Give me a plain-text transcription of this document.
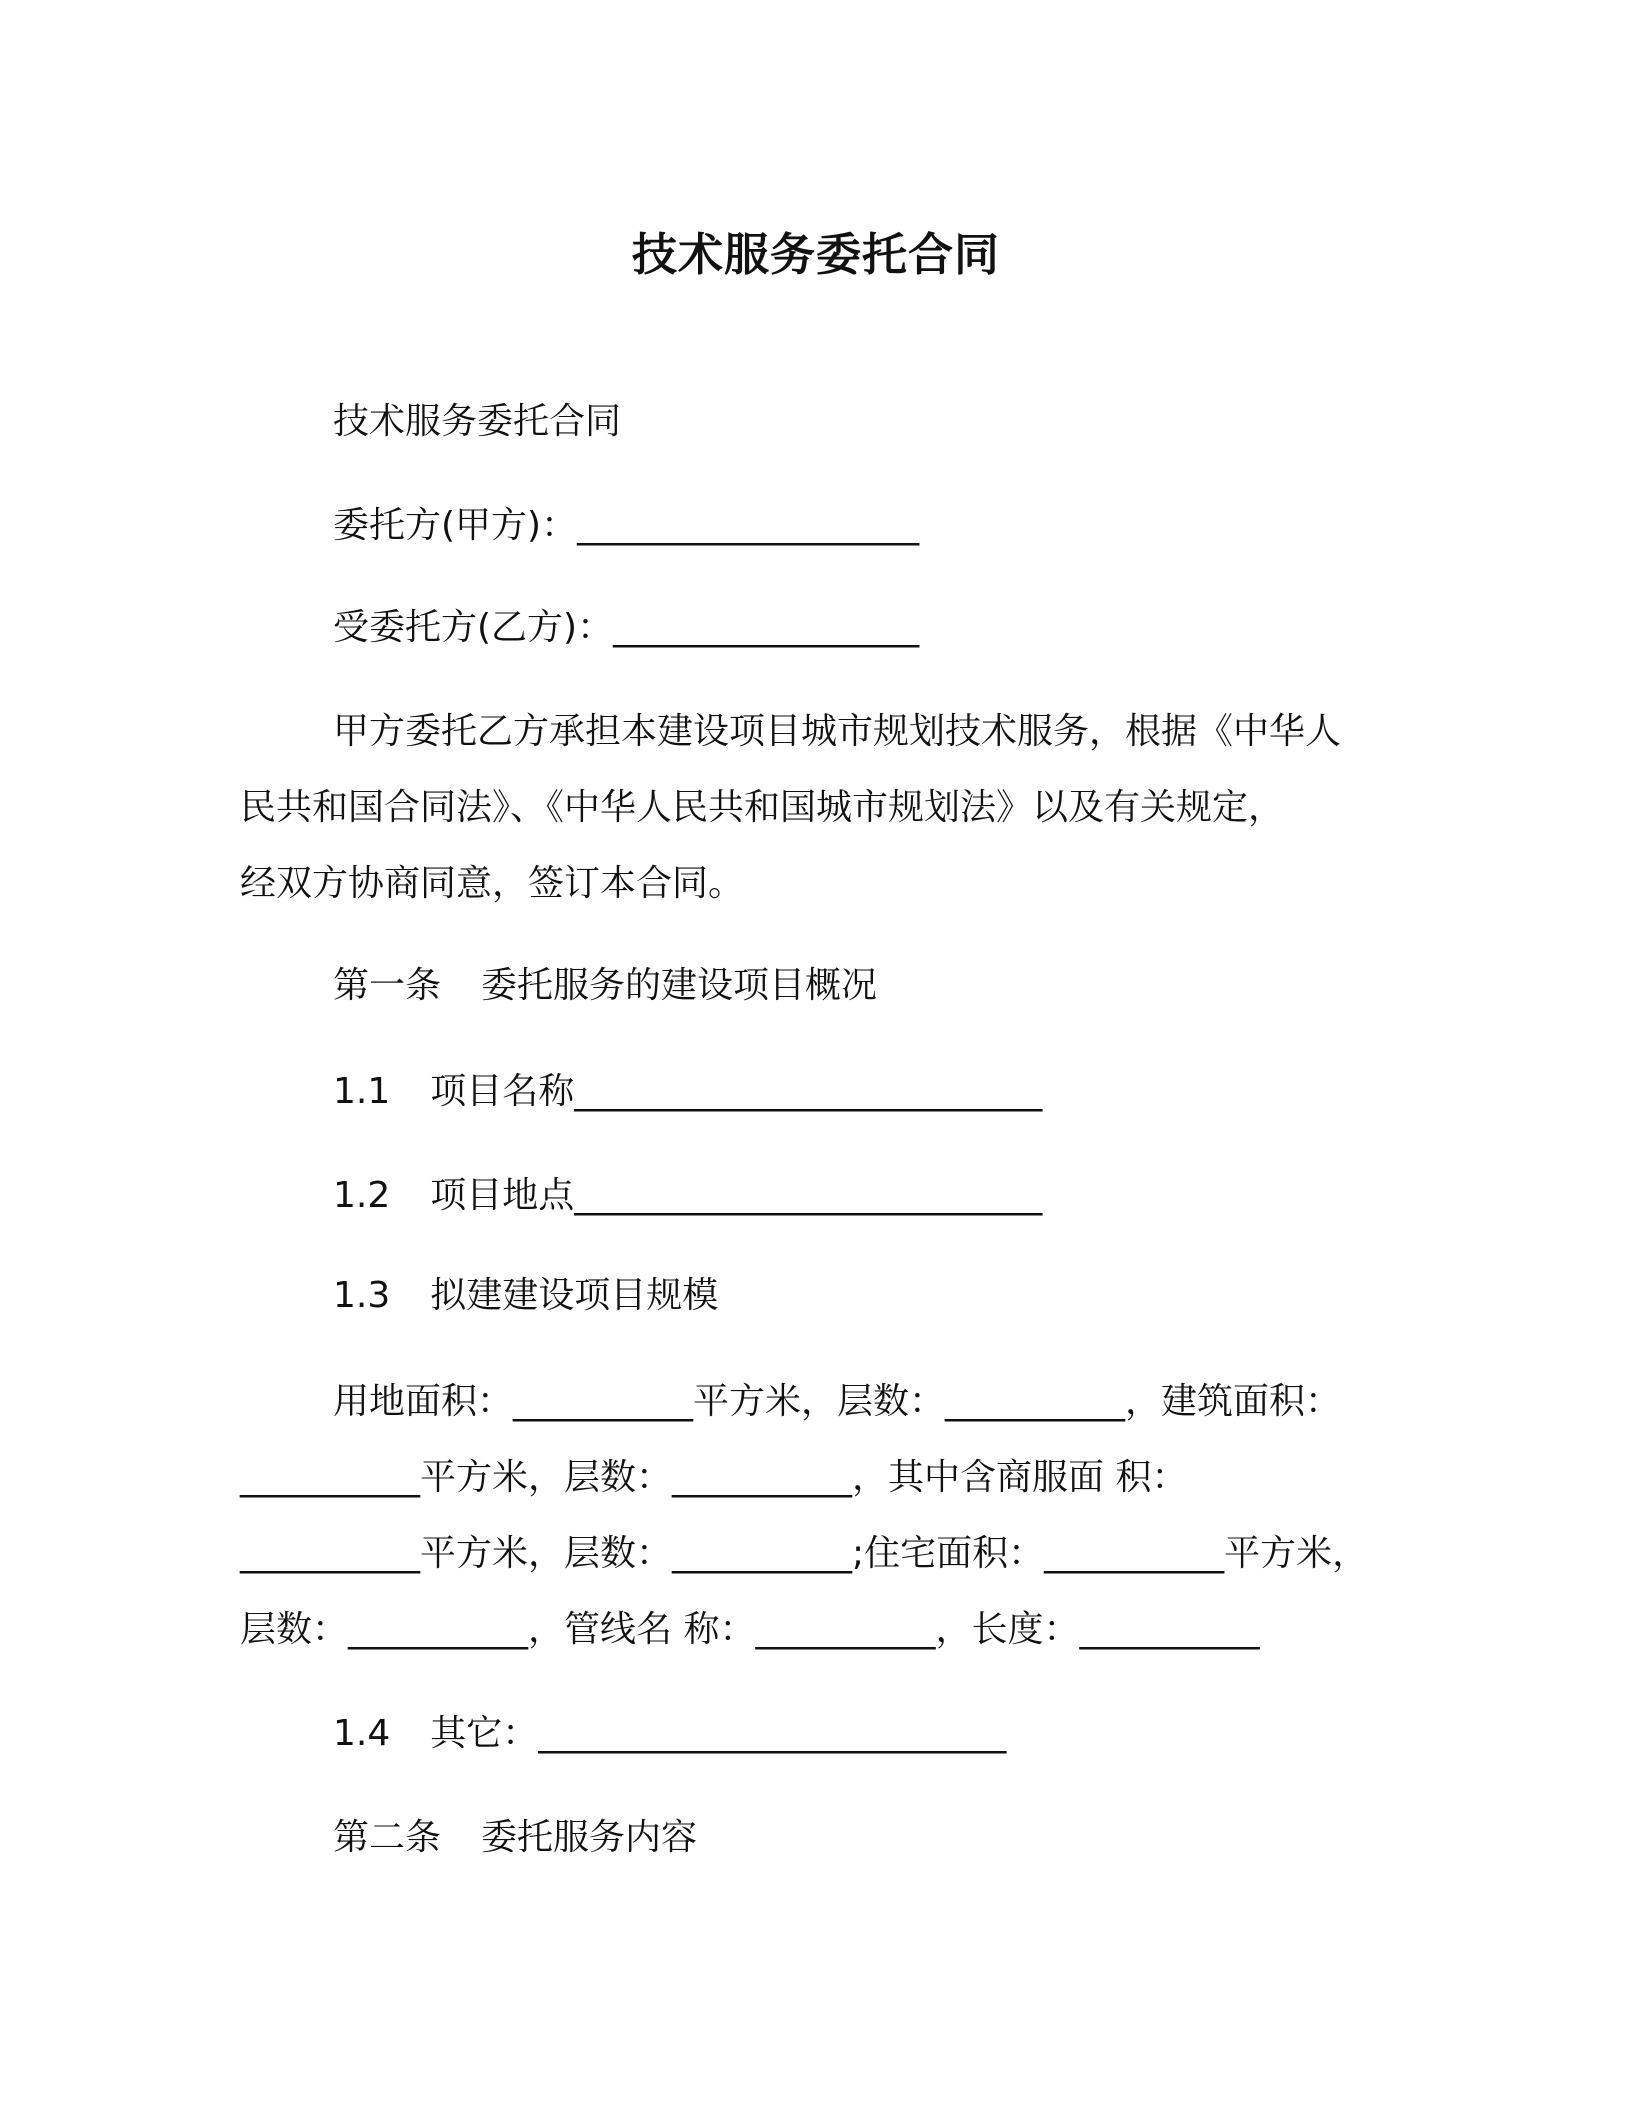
技术服务委托合同
技术服务委托合同
委托方(甲方)：___________________
受委托方(乙方)：_________________
甲方委托乙方承担本建设项目城市规划技术服务，根据《中华人
民共和国合同法》、《中华人民共和国城市规划法》以及有关规定，
经双方协商同意，签订本合同。
第一条 委托服务的建设项目概况
1.1 项目名称__________________________
1.2 项目地点__________________________
1.3 拟建建设项目规模
用地面积：__________平方米，层数：__________，建筑面积：
__________平方米，层数：__________，其中含商服面 积：
__________平方米，层数：__________;住宅面积：__________平方米，
层数：__________，管线名 称：__________，长度：__________
1.4 其它：__________________________
第二条 委托服务内容
